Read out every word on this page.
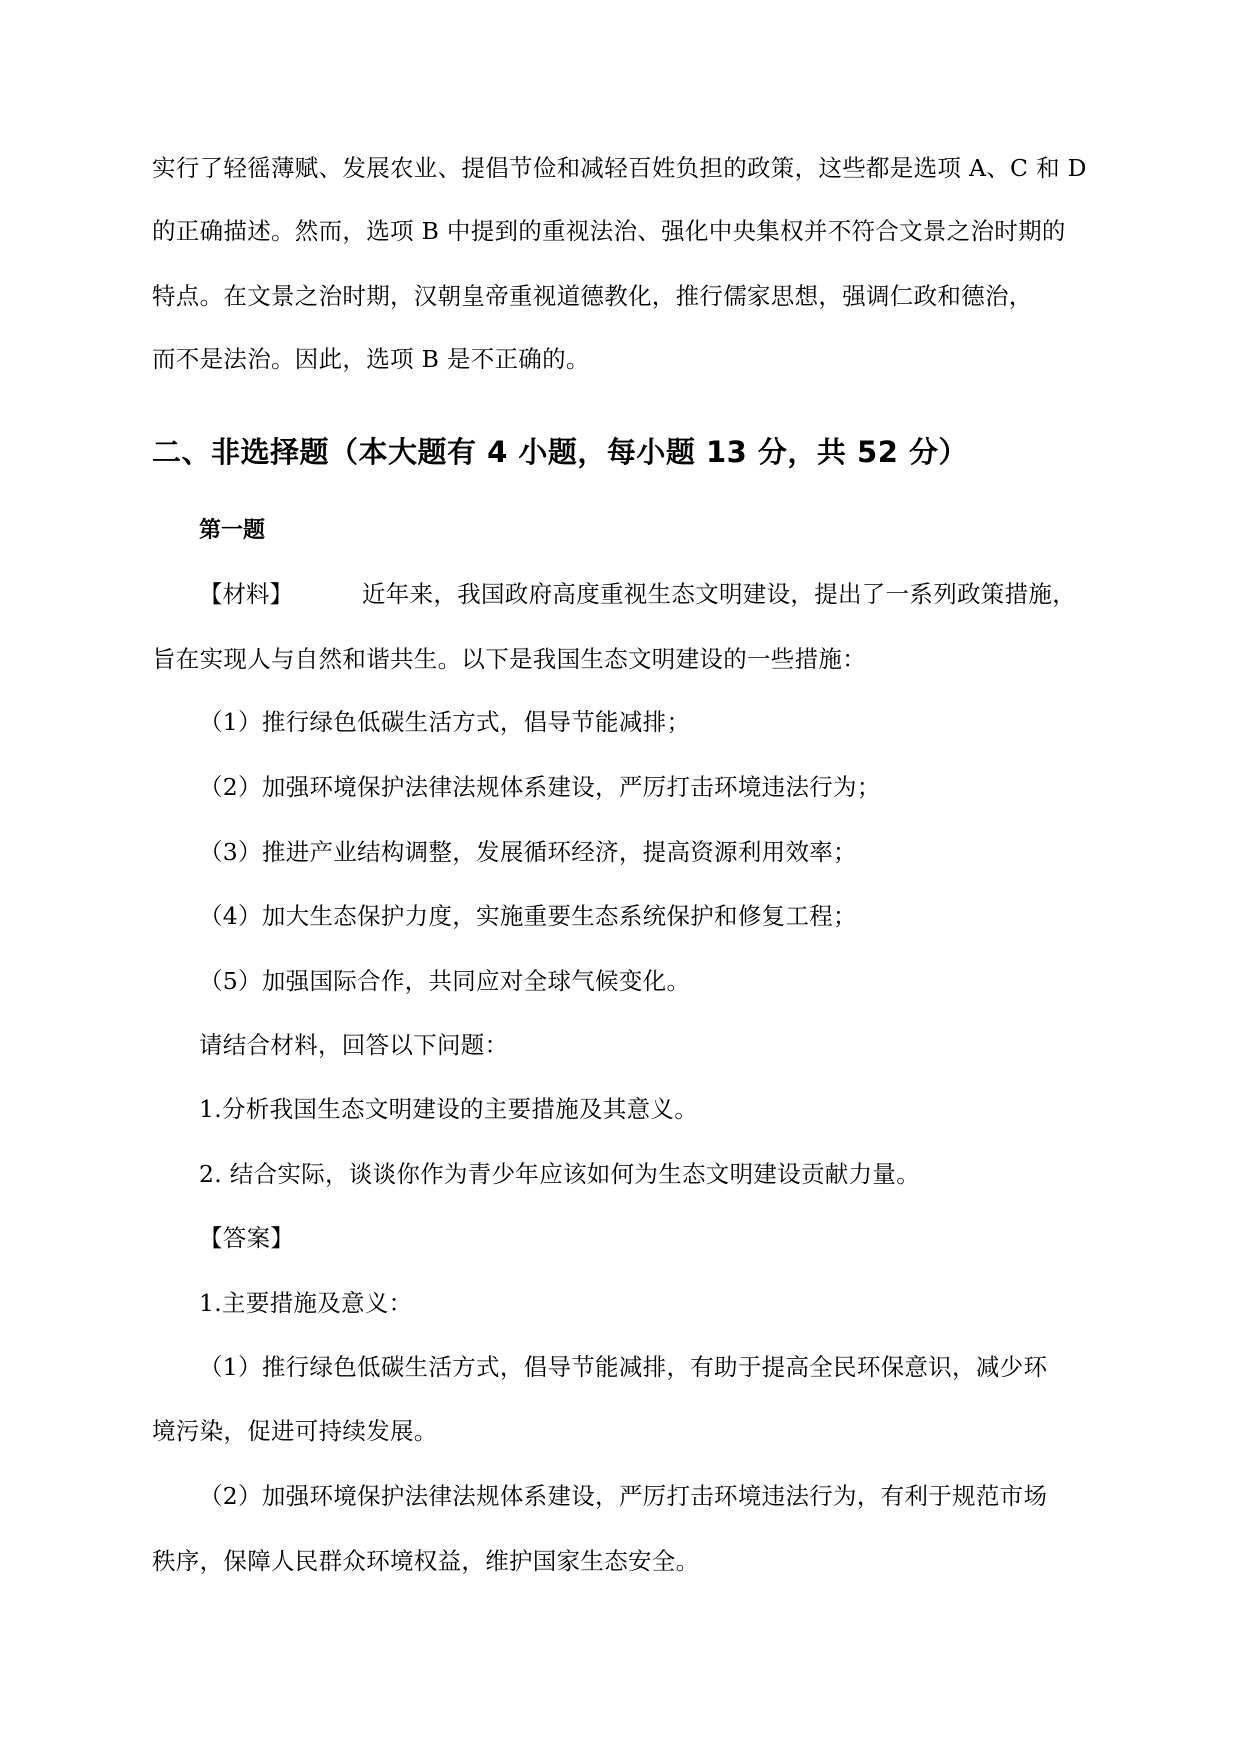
实行了轻徭薄赋、发展农业、提倡节俭和减轻百姓负担的政策，这些都是选项 A、C 和 D
的正确描述。然而，选项 B 中提到的重视法治、强化中央集权并不符合文景之治时期的
特点。在文景之治时期，汉朝皇帝重视道德教化，推行儒家思想，强调仁政和德治，
而不是法治。因此，选项 B 是不正确的。
二、非选择题（本大题有 4 小题，每小题 13 分，共 52 分）
第一题
【材料】	近年来，我国政府高度重视生态文明建设，提出了一系列政策措施，
旨在实现人与自然和谐共生。以下是我国生态文明建设的一些措施：
（1）推行绿色低碳生活方式，倡导节能减排；
（2）加强环境保护法律法规体系建设，严厉打击环境违法行为；
（3）推进产业结构调整，发展循环经济，提高资源利用效率；
（4）加大生态保护力度，实施重要生态系统保护和修复工程；
（5）加强国际合作，共同应对全球气候变化。
请结合材料，回答以下问题：
1.分析我国生态文明建设的主要措施及其意义。
2. 结合实际，谈谈你作为青少年应该如何为生态文明建设贡献力量。
【答案】
1.主要措施及意义：
（1）推行绿色低碳生活方式，倡导节能减排，有助于提高全民环保意识，减少环
境污染，促进可持续发展。
（2）加强环境保护法律法规体系建设，严厉打击环境违法行为，有利于规范市场
秩序，保障人民群众环境权益，维护国家生态安全。
